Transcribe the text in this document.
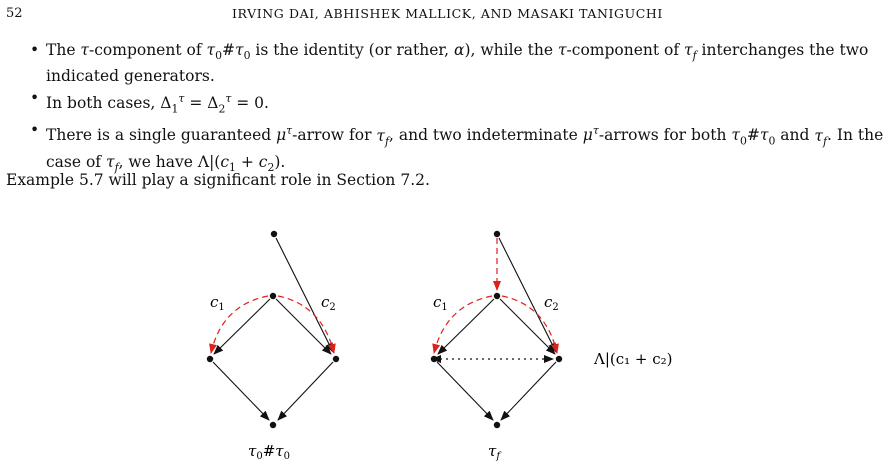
52	IRVING DAI, ABHISHEK MALLICK, AND MASAKI TANIGUCHI
• The τ-component of $\tau_0\#\tau_0$ is the identity (or rather, α), while the τ-component of $\tau_f$ interchanges the two indicated generators.
• In both cases, $\Delta_1^\tau = \Delta_2^\tau = 0$.
• There is a single guaranteed $\mu^\tau$-arrow for $\tau_f$, and two indeterminate $\mu^\tau$-arrows for both $\tau_0\#\tau_0$ and $\tau_f$. In the case of $\tau_f$, we have $\Lambda|(c_1 + c_2)$.
Example 5.7 will play a significant role in Section 7.2.
$c_1$	$c_2$
$\tau_0\#\tau_0$
$c_1$	$c_2$
$\tau_f$
Λ|(c₁ + c₂)
